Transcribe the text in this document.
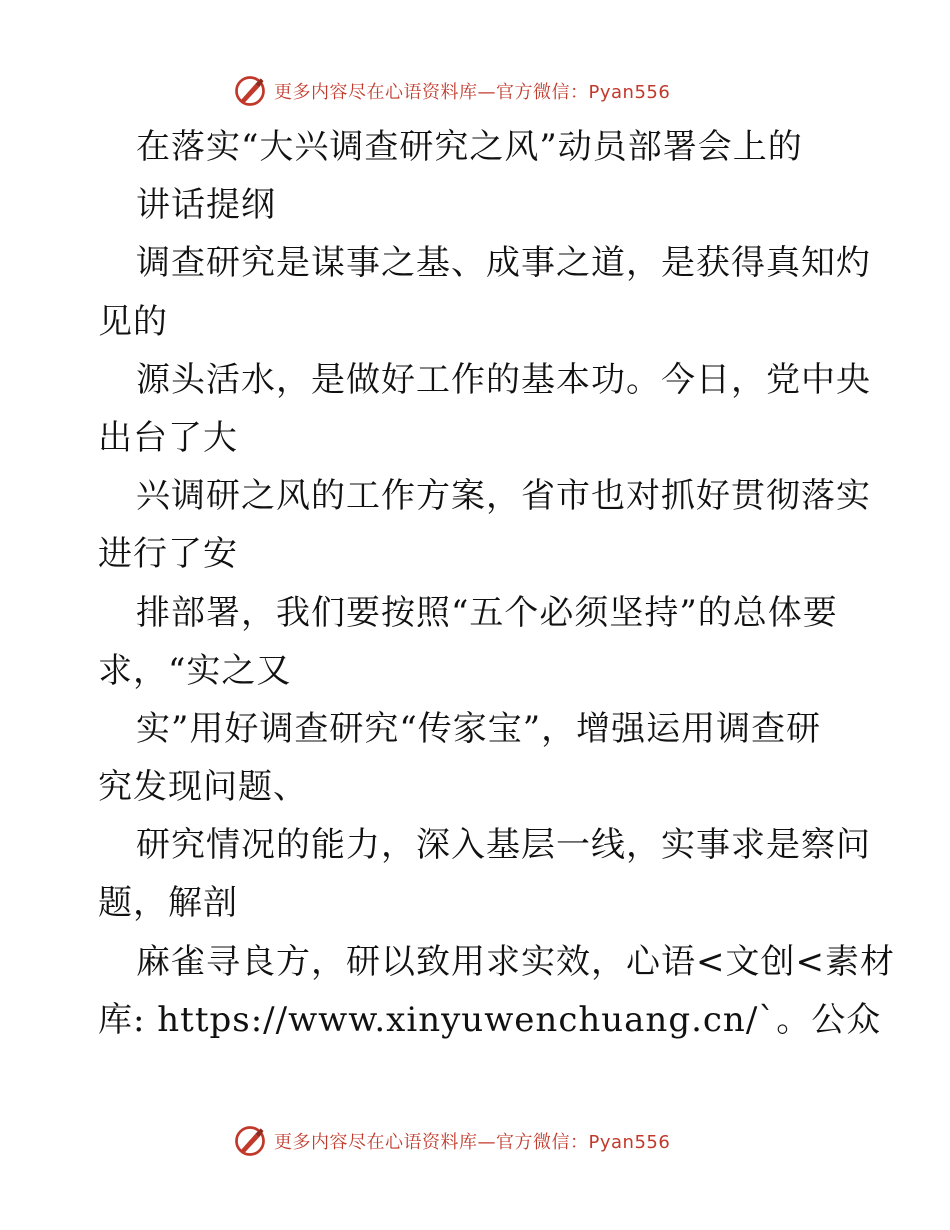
更多内容尽在心语资料库—官方微信：Pyan556
在落实“大兴调查研究之风”动员部署会上的
讲话提纲
调查研究是谋事之基、成事之道，是获得真知灼
见的
源头活水，是做好工作的基本功。今日，党中央
出台了大
兴调研之风的工作方案，省市也对抓好贯彻落实
进行了安
排部署，我们要按照“五个必须坚持”的总体要
求，“实之又
实”用好调查研究“传家宝”，增强运用调查研
究发现问题、
研究情况的能力，深入基层一线，实事求是察问
题，解剖
麻雀寻良方，研以致用求实效，心语<文创<素材
库: https://www.xinyuwenchuang.cn/`。公众
更多内容尽在心语资料库—官方微信：Pyan556
